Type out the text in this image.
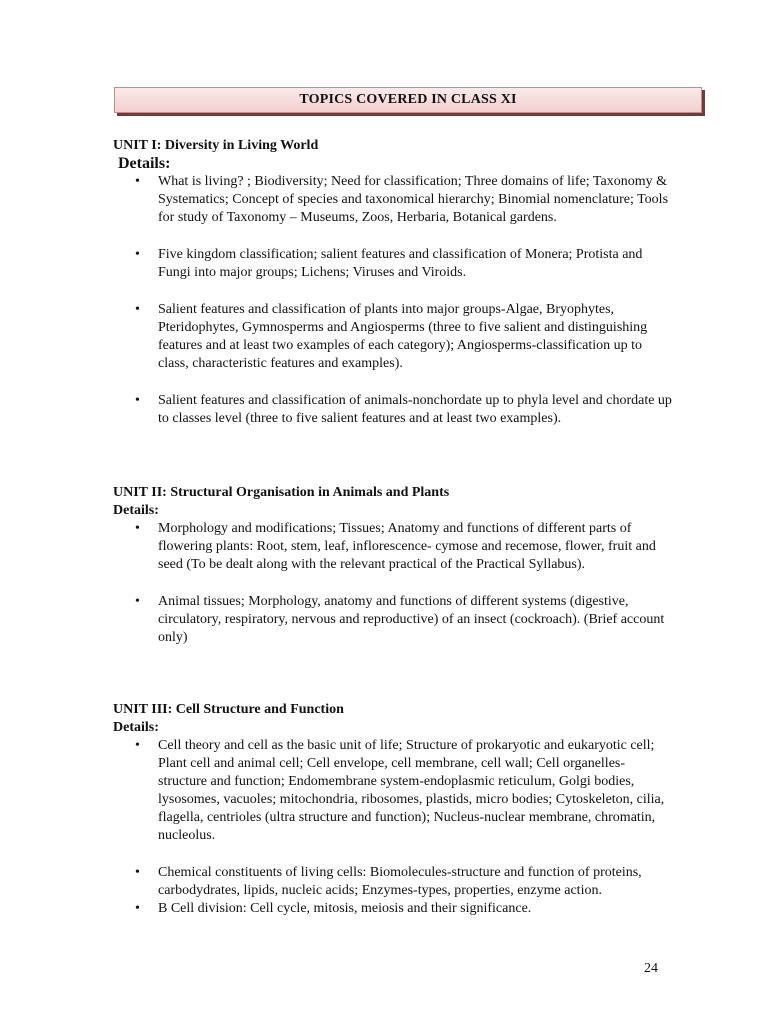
TOPICS COVERED IN CLASS XI
UNIT I: Diversity in Living World
Details:
• What is living? ; Biodiversity; Need for classification; Three domains of life; Taxonomy & Systematics; Concept of species and taxonomical hierarchy; Binomial nomenclature; Tools for study of Taxonomy – Museums, Zoos, Herbaria, Botanical gardens.
• Five kingdom classification; salient features and classification of Monera; Protista and Fungi into major groups; Lichens; Viruses and Viroids.
• Salient features and classification of plants into major groups-Algae, Bryophytes, Pteridophytes, Gymnosperms and Angiosperms (three to five salient and distinguishing features and at least two examples of each category); Angiosperms-classification up to class, characteristic features and examples).
• Salient features and classification of animals-nonchordate up to phyla level and chordate up to classes level (three to five salient features and at least two examples).
UNIT II: Structural Organisation in Animals and Plants
Details:
• Morphology and modifications; Tissues; Anatomy and functions of different parts of flowering plants: Root, stem, leaf, inflorescence- cymose and recemose, flower, fruit and seed (To be dealt along with the relevant practical of the Practical Syllabus).
• Animal tissues; Morphology, anatomy and functions of different systems (digestive, circulatory, respiratory, nervous and reproductive) of an insect (cockroach). (Brief account only)
UNIT III: Cell Structure and Function
Details:
• Cell theory and cell as the basic unit of life; Structure of prokaryotic and eukaryotic cell; Plant cell and animal cell; Cell envelope, cell membrane, cell wall; Cell organelles-structure and function; Endomembrane system-endoplasmic reticulum, Golgi bodies, lysosomes, vacuoles; mitochondria, ribosomes, plastids, micro bodies; Cytoskeleton, cilia, flagella, centrioles (ultra structure and function); Nucleus-nuclear membrane, chromatin, nucleolus.
• Chemical constituents of living cells: Biomolecules-structure and function of proteins, carbodydrates, lipids, nucleic acids; Enzymes-types, properties, enzyme action.
• B Cell division: Cell cycle, mitosis, meiosis and their significance.
24
